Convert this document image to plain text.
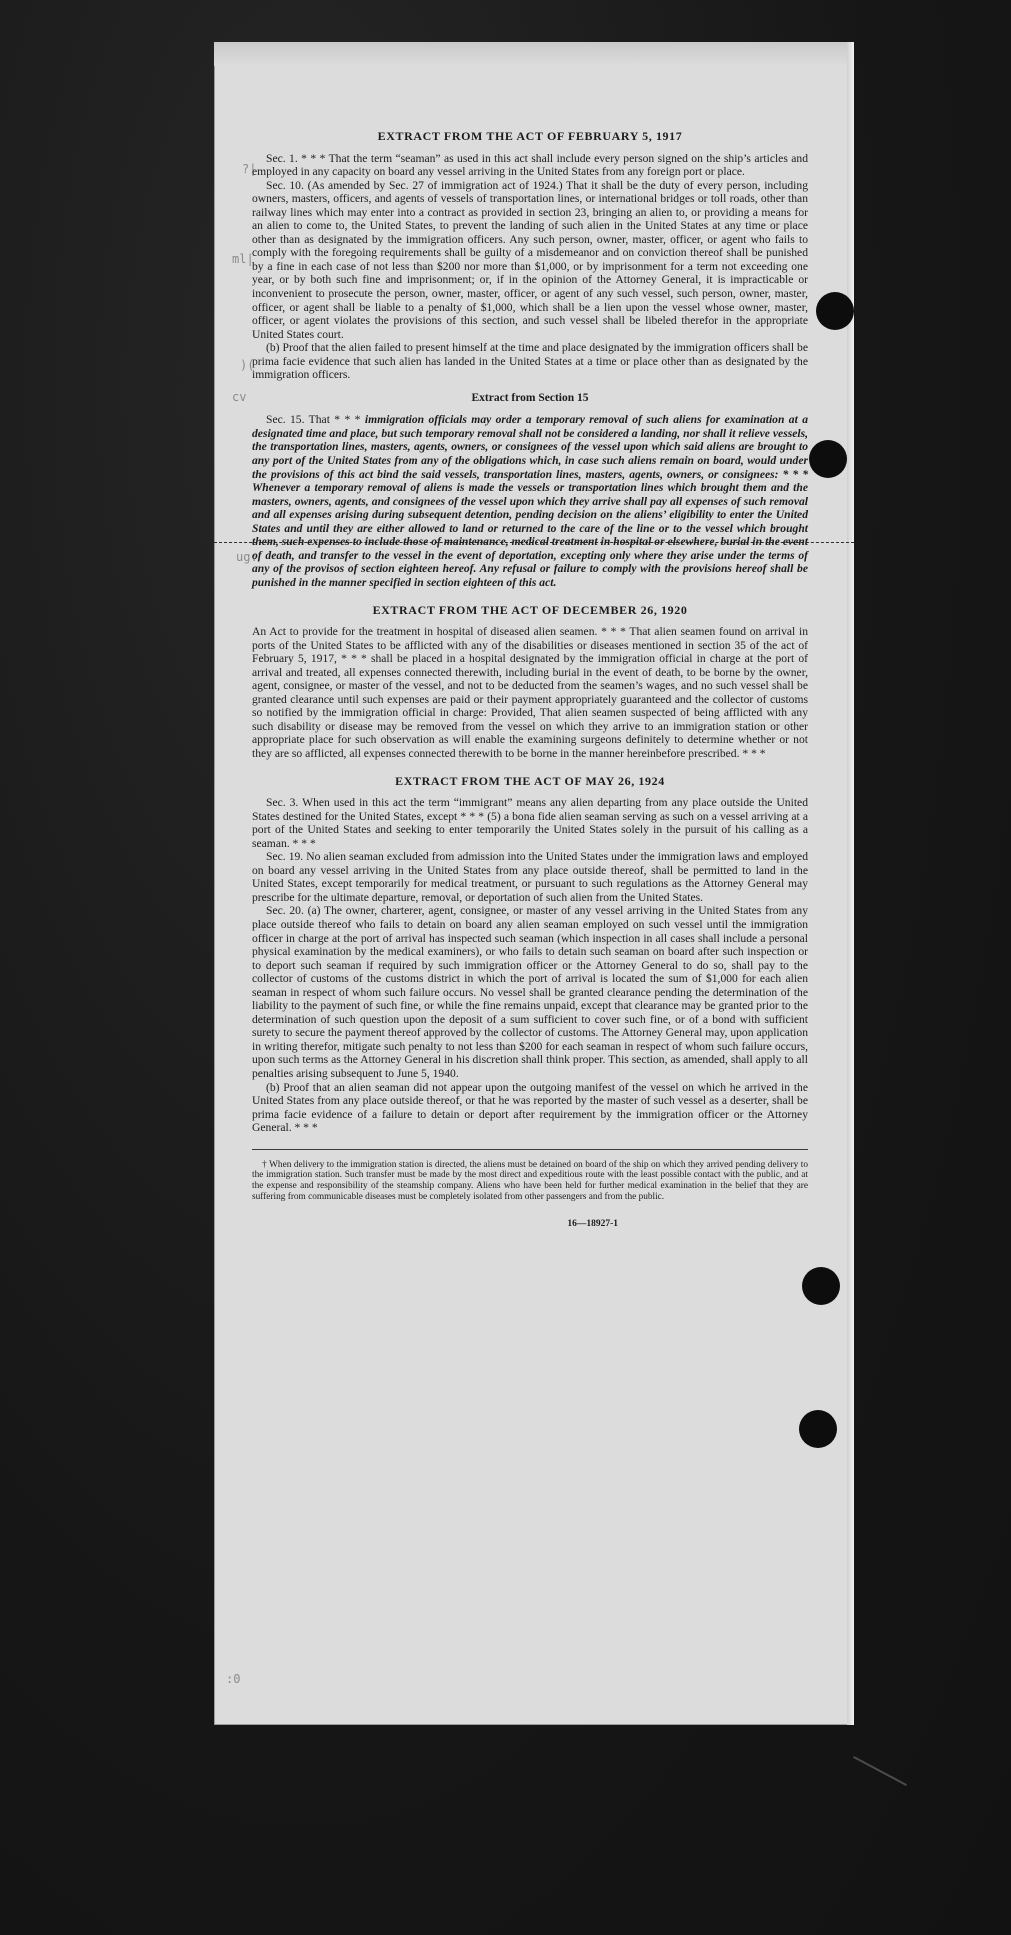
?|
ml|
)(
cv
ug:
:0

EXTRACT FROM THE ACT OF FEBRUARY 5, 1917

Sec. 1. * * * That the term “seaman” as used in this act shall include every person signed on the ship’s articles and employed in any capacity on board any vessel arriving in the United States from any foreign port or place.

Sec. 10. (As amended by Sec. 27 of immigration act of 1924.) That it shall be the duty of every person, including owners, masters, officers, and agents of vessels of transportation lines, or international bridges or toll roads, other than railway lines which may enter into a contract as provided in section 23, bringing an alien to, or providing a means for an alien to come to, the United States, to prevent the landing of such alien in the United States at any time or place other than as designated by the immigration officers. Any such person, owner, master, officer, or agent who fails to comply with the foregoing requirements shall be guilty of a misdemeanor and on conviction thereof shall be punished by a fine in each case of not less than $200 nor more than $1,000, or by imprisonment for a term not exceeding one year, or by both such fine and imprisonment; or, if in the opinion of the Attorney General, it is impracticable or inconvenient to prosecute the person, owner, master, officer, or agent of any such vessel, such person, owner, master, officer, or agent shall be liable to a penalty of $1,000, which shall be a lien upon the vessel whose owner, master, officer, or agent violates the provisions of this section, and such vessel shall be libeled therefor in the appropriate United States court.

(b) Proof that the alien failed to present himself at the time and place designated by the immigration officers shall be prima facie evidence that such alien has landed in the United States at a time or place other than as designated by the immigration officers.

Extract from Section 15

Sec. 15. That * * * immigration officials may order a temporary removal of such aliens for examination at a designated time and place, but such temporary removal shall not be considered a landing, nor shall it relieve vessels, the transportation lines, masters, agents, owners, or consignees of the vessel upon which said aliens are brought to any port of the United States from any of the obligations which, in case such aliens remain on board, would under the provisions of this act bind the said vessels, transportation lines, masters, agents, owners, or consignees: * * * Whenever a temporary removal of aliens is made the vessels or transportation lines which brought them and the masters, owners, agents, and consignees of the vessel upon which they arrive shall pay all expenses of such removal and all expenses arising during subsequent detention, pending decision on the aliens’ eligibility to enter the United States and until they are either allowed to land or returned to the care of the line or to the vessel which brought them, such expenses to include those of maintenance, medical treatment in hospital or elsewhere, burial in the event of death, and transfer to the vessel in the event of deportation, excepting only where they arise under the terms of any of the provisos of section eighteen hereof. Any refusal or failure to comply with the provisions hereof shall be punished in the manner specified in section eighteen of this act.

EXTRACT FROM THE ACT OF DECEMBER 26, 1920

An Act to provide for the treatment in hospital of diseased alien seamen. * * * That alien seamen found on arrival in ports of the United States to be afflicted with any of the disabilities or diseases mentioned in section 35 of the act of February 5, 1917, * * * shall be placed in a hospital designated by the immigration official in charge at the port of arrival and treated, all expenses connected therewith, including burial in the event of death, to be borne by the owner, agent, consignee, or master of the vessel, and not to be deducted from the seamen’s wages, and no such vessel shall be granted clearance until such expenses are paid or their payment appropriately guaranteed and the collector of customs so notified by the immigration official in charge: Provided, That alien seamen suspected of being afflicted with any such disability or disease may be removed from the vessel on which they arrive to an immigration station or other appropriate place for such observation as will enable the examining surgeons definitely to determine whether or not they are so afflicted, all expenses connected therewith to be borne in the manner hereinbefore prescribed. * * *

EXTRACT FROM THE ACT OF MAY 26, 1924

Sec. 3. When used in this act the term “immigrant” means any alien departing from any place outside the United States destined for the United States, except * * * (5) a bona fide alien seaman serving as such on a vessel arriving at a port of the United States and seeking to enter temporarily the United States solely in the pursuit of his calling as a seaman. * * *

Sec. 19. No alien seaman excluded from admission into the United States under the immigration laws and employed on board any vessel arriving in the United States from any place outside thereof, shall be permitted to land in the United States, except temporarily for medical treatment, or pursuant to such regulations as the Attorney General may prescribe for the ultimate departure, removal, or deportation of such alien from the United States.

Sec. 20. (a) The owner, charterer, agent, consignee, or master of any vessel arriving in the United States from any place outside thereof who fails to detain on board any alien seaman employed on such vessel until the immigration officer in charge at the port of arrival has inspected such seaman (which inspection in all cases shall include a personal physical examination by the medical examiners), or who fails to detain such seaman on board after such inspection or to deport such seaman if required by such immigration officer or the Attorney General to do so, shall pay to the collector of customs of the customs district in which the port of arrival is located the sum of $1,000 for each alien seaman in respect of whom such failure occurs. No vessel shall be granted clearance pending the determination of the liability to the payment of such fine, or while the fine remains unpaid, except that clearance may be granted prior to the determination of such question upon the deposit of a sum sufficient to cover such fine, or of a bond with sufficient surety to secure the payment thereof approved by the collector of customs. The Attorney General may, upon application in writing therefor, mitigate such penalty to not less than $200 for each seaman in respect of whom such failure occurs, upon such terms as the Attorney General in his discretion shall think proper. This section, as amended, shall apply to all penalties arising subsequent to June 5, 1940.

(b) Proof that an alien seaman did not appear upon the outgoing manifest of the vessel on which he arrived in the United States from any place outside thereof, or that he was reported by the master of such vessel as a deserter, shall be prima facie evidence of a failure to detain or deport after requirement by the immigration officer or the Attorney General. * * *

† When delivery to the immigration station is directed, the aliens must be detained on board of the ship on which they arrived pending delivery to the immigration station. Such transfer must be made by the most direct and expeditious route with the least possible contact with the public, and at the expense and responsibility of the steamship company. Aliens who have been held for further medical examination in the belief that they are suffering from communicable diseases must be completely isolated from other passengers and from the public.

16—18927-1
